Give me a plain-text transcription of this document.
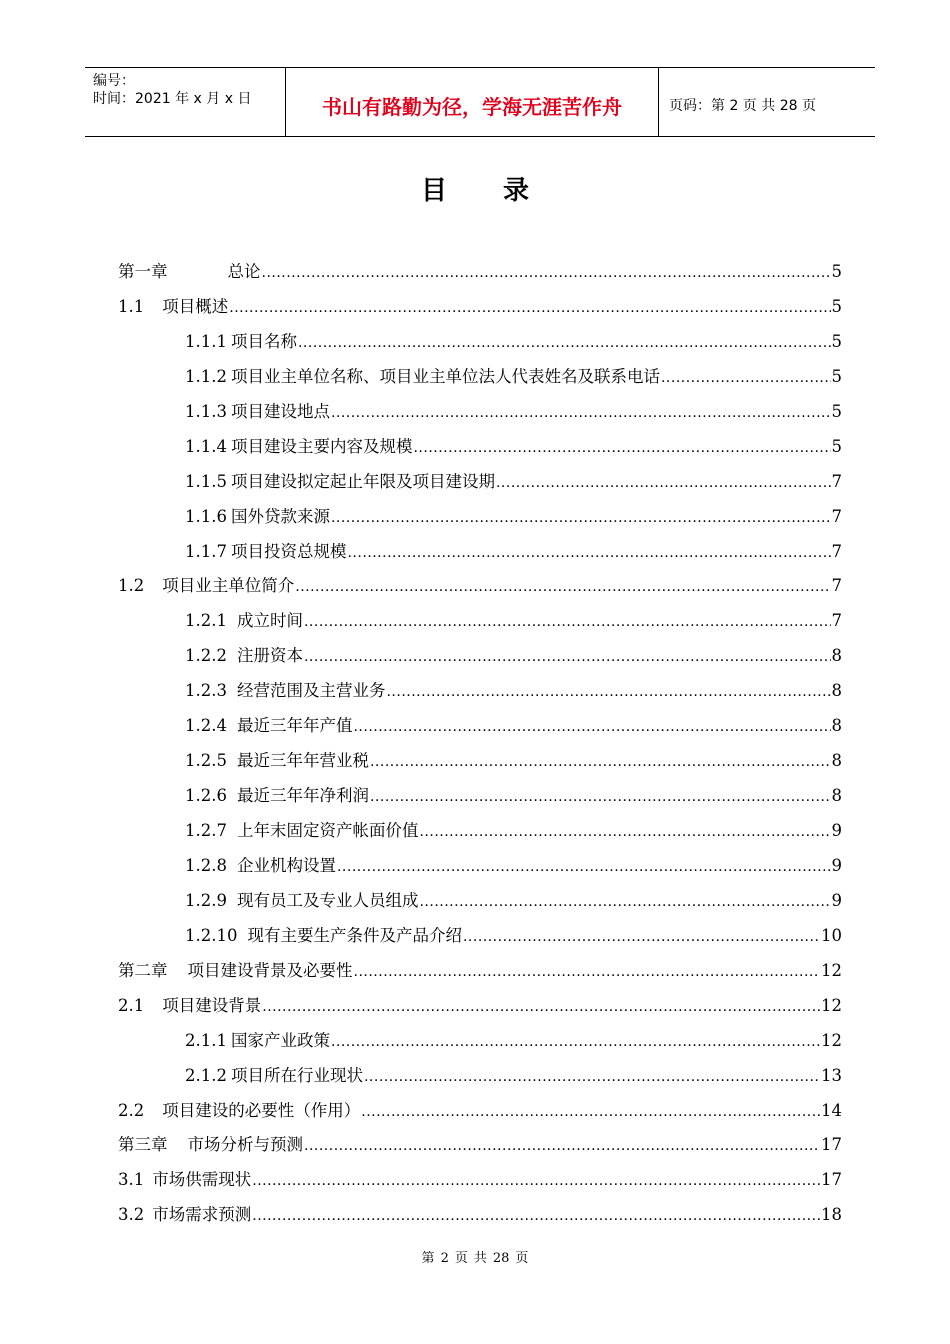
编号：
时间：2021 年 x 月 x 日	书山有路勤为径，学海无涯苦作舟	页码：第 2 页 共 28 页
目录
第一章	总论 .....	5
1.1 项目概述 .....	5
1.1.1 项目名称 .....	5
1.1.2 项目业主单位名称、项目业主单位法人代表姓名及联系电话 .....	5
1.1.3 项目建设地点 .....	5
1.1.4 项目建设主要内容及规模 .....	5
1.1.5 项目建设拟定起止年限及项目建设期 .....	7
1.1.6 国外贷款来源 .....	7
1.1.7 项目投资总规模 .....	7
1.2 项目业主单位简介 .....	7
1.2.1 成立时间 .....	7
1.2.2 注册资本 .....	8
1.2.3 经营范围及主营业务 .....	8
1.2.4 最近三年年产值 .....	8
1.2.5 最近三年年营业税 .....	8
1.2.6 最近三年年净利润 .....	8
1.2.7 上年末固定资产帐面价值 .....	9
1.2.8 企业机构设置 .....	9
1.2.9 现有员工及专业人员组成 .....	9
1.2.10 现有主要生产条件及产品介绍 .....	10
第二章 项目建设背景及必要性 .....	12
2.1 项目建设背景 .....	12
2.1.1 国家产业政策 .....	12
2.1.2 项目所在行业现状 .....	13
2.2 项目建设的必要性（作用） .....	14
第三章 市场分析与预测 .....	17
3.1 市场供需现状 .....	17
3.2 市场需求预测 .....	18
第 2 页 共 28 页
